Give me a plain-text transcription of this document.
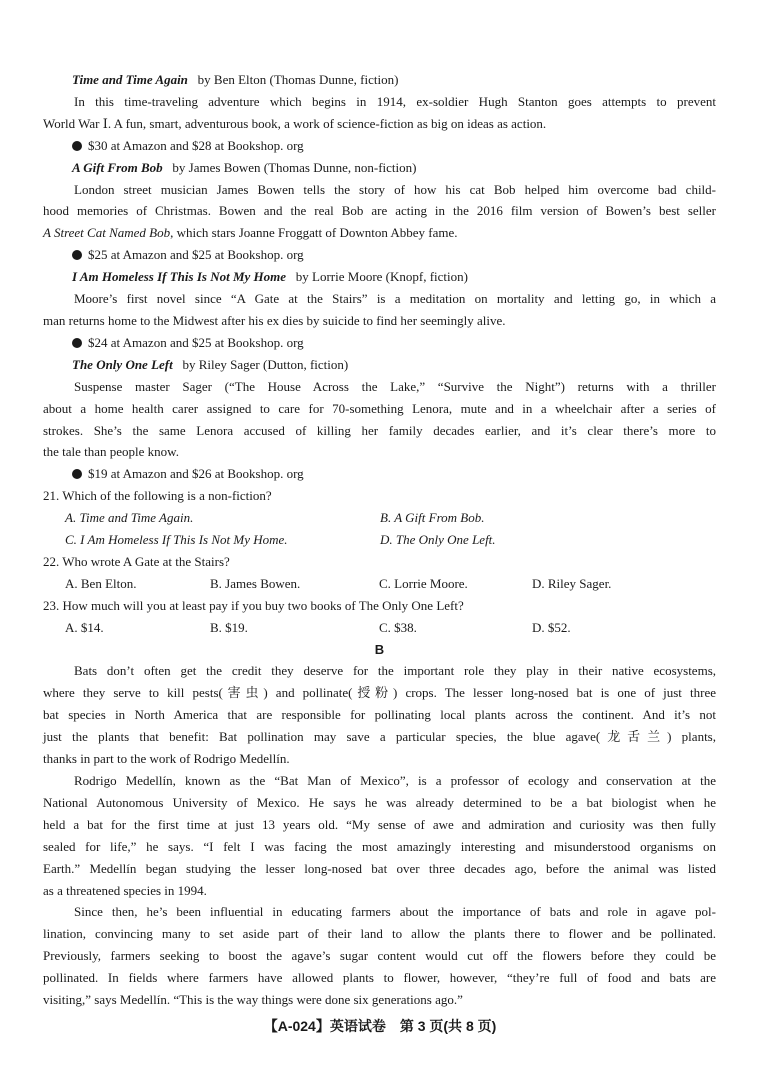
Time and Time Again by Ben Elton (Thomas Dunne, fiction)

In this time-traveling adventure which begins in 1914, ex-soldier Hugh Stanton goes attempts to prevent

World War Ⅰ. A fun, smart, adventurous book, a work of science-fiction as big on ideas as action.

$30 at Amazon and $28 at Bookshop. org

A Gift From Bob by James Bowen (Thomas Dunne, non-fiction)

London street musician James Bowen tells the story of how his cat Bob helped him overcome bad child-

hood memories of Christmas. Bowen and the real Bob are acting in the 2016 film version of Bowen’s best seller

A Street Cat Named Bob, which stars Joanne Froggatt of Downton Abbey fame.

$25 at Amazon and $25 at Bookshop. org

I Am Homeless If This Is Not My Home by Lorrie Moore (Knopf, fiction)

Moore’s first novel since “A Gate at the Stairs” is a meditation on mortality and letting go, in which a

man returns home to the Midwest after his ex dies by suicide to find her seemingly alive.

$24 at Amazon and $25 at Bookshop. org

The Only One Left by Riley Sager (Dutton, fiction)

Suspense master Sager (“The House Across the Lake,” “Survive the Night”) returns with a thriller

about a home health carer assigned to care for 70-something Lenora, mute and in a wheelchair after a series of

strokes. She’s the same Lenora accused of killing her family decades earlier, and it’s clear there’s more to

the tale than people know.

$19 at Amazon and $26 at Bookshop. org

21. Which of the following is a non-fiction?

A. Time and Time Again.	B. A Gift From Bob.
C. I Am Homeless If This Is Not My Home.	D. The Only One Left.

22. Who wrote A Gate at the Stairs?

A. Ben Elton.	B. James Bowen.	C. Lorrie Moore.	D. Riley Sager.

23. How much will you at least pay if you buy two books of The Only One Left?

A. $14.	B. $19.	C. $38.	D. $52.

B

Bats don’t often get the credit they deserve for the important role they play in their native ecosystems,

where they serve to kill pests(害虫) and pollinate(授粉) crops. The lesser long-nosed bat is one of just three

bat species in North America that are responsible for pollinating local plants across the continent. And it’s not

just the plants that benefit: Bat pollination may save a particular species, the blue agave(龙舌兰) plants,

thanks in part to the work of Rodrigo Medellín.

Rodrigo Medellín, known as the “Bat Man of Mexico”, is a professor of ecology and conservation at the

National Autonomous University of Mexico. He says he was already determined to be a bat biologist when he

held a bat for the first time at just 13 years old. “My sense of awe and admiration and curiosity was then fully

sealed for life,” he says. “I felt I was facing the most amazingly interesting and misunderstood organisms on

Earth.” Medellín began studying the lesser long-nosed bat over three decades ago, before the animal was listed

as a threatened species in 1994.

Since then, he’s been influential in educating farmers about the importance of bats and role in agave pol-

lination, convincing many to set aside part of their land to allow the plants there to flower and be pollinated.

Previously, farmers seeking to boost the agave’s sugar content would cut off the flowers before they could be

pollinated. In fields where farmers have allowed plants to flower, however, “they’re full of food and bats are

visiting,” says Medellín. “This is the way things were done six generations ago.”

【A-024】英语试卷　第 3 页(共 8 页)
